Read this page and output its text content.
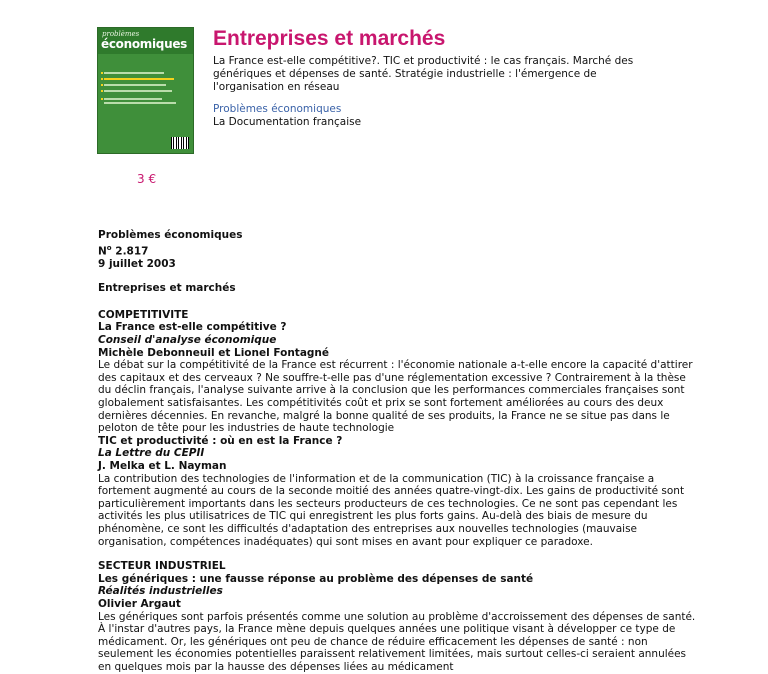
problèmes
économiques
3 €
Entreprises et marchés

La France est-elle compétitive?. TIC et productivité : le cas français. Marché des génériques et dépenses de santé. Stratégie industrielle : l'émergence de l'organisation en réseau

Problèmes économiques
La Documentation française

Problèmes économiques

$N^o$ 2.817

9 juillet 2003

Entreprises et marchés

COMPETITIVITE

La France est-elle compétitive ?

Conseil d'analyse économique

Michèle Debonneuil et Lionel Fontagné

Le débat sur la compétitivité de la France est récurrent : l'économie nationale a-t-elle encore la capacité d'attirer des capitaux et des cerveaux ? Ne souffre-t-elle pas d'une réglementation excessive ? Contrairement à la thèse du déclin français, l'analyse suivante arrive à la conclusion que les performances commerciales françaises sont globalement satisfaisantes. Les compétitivités coût et prix se sont fortement améliorées au cours des deux dernières décennies. En revanche, malgré la bonne qualité de ses produits, la France ne se situe pas dans le peloton de tête pour les industries de haute technologie

TIC et productivité : où en est la France ?

La Lettre du CEPII

J. Melka et L. Nayman

La contribution des technologies de l'information et de la communication (TIC) à la croissance française a fortement augmenté au cours de la seconde moitié des années quatre-vingt-dix. Les gains de productivité sont particulièrement importants dans les secteurs producteurs de ces technologies. Ce ne sont pas cependant les activités les plus utilisatrices de TIC qui enregistrent les plus forts gains. Au-delà des biais de mesure du phénomène, ce sont les difficultés d'adaptation des entreprises aux nouvelles technologies (mauvaise organisation, compétences inadéquates) qui sont mises en avant pour expliquer ce paradoxe.

SECTEUR INDUSTRIEL

Les génériques : une fausse réponse au problème des dépenses de santé

Réalités industrielles

Olivier Argaut

Les génériques sont parfois présentés comme une solution au problème d'accroissement des dépenses de santé. À l'instar d'autres pays, la France mène depuis quelques années une politique visant à développer ce type de médicament. Or, les génériques ont peu de chance de réduire efficacement les dépenses de santé : non seulement les économies potentielles paraissent relativement limitées, mais surtout celles-ci seraient annulées en quelques mois par la hausse des dépenses liées au médicament
